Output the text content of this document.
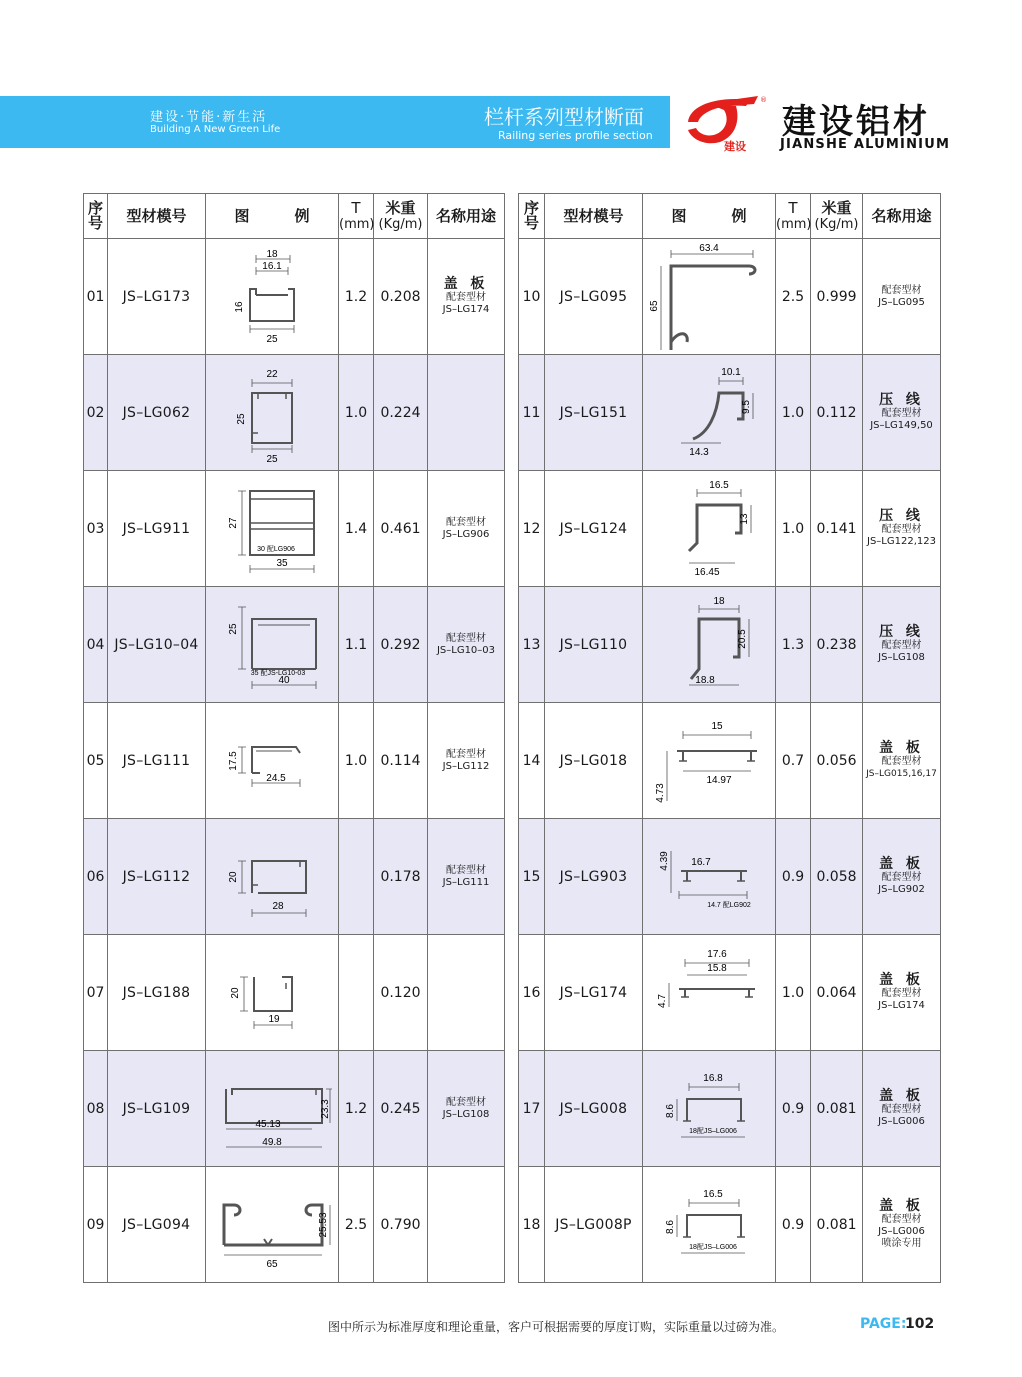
建设·节能·新生活
Building A New Green Life
栏杆系列型材断面
Railing series profile section
建设
®
建设铝材
JIANSHE ALUMINIUM
序
号	型材模号	图    例	T
(mm)	米重
(Kg/m)	名称用途
01	JS–LG173	18
16.1
16
25	1.2	0.208	盖 板
配套型材
JS–LG174

02	JS–LG062	22
25
25	1.0	0.224	
03	JS–LG911	27
30 配LG906
35	1.4	0.461	配套型材
JS–LG906

04	JS–LG10–04	25
35 配JS-LG10-03
40	1.1	0.292	配套型材
JS–LG10–03

05	JS–LG111	17.5
24.5	1.0	0.114	配套型材
JS–LG112

06	JS–LG112	20
28		0.178	配套型材
JS–LG111

07	JS–LG188	20
19		0.120	
08	JS–LG109	23.3
45.13
49.8	1.2	0.245	配套型材
JS–LG108

09	JS–LG094	25.53
65	2.5	0.790	
序
号	型材模号	图    例	T
(mm)	米重
(Kg/m)	名称用途
10	JS–LG095	63.4
65	2.5	0.999	配套型材
JS–LG095

11	JS–LG151	10.1
9.5
14.3	1.0	0.112	压 线
配套型材
JS–LG149,50

12	JS–LG124	16.5
13
16.45	1.0	0.141	压 线
配套型材
JS–LG122,123

13	JS–LG110	18
20.5
18.8	1.3	0.238	压 线
配套型材
JS–LG108

14	JS–LG018	15
14.97
4.73	0.7	0.056	盖 板
配套型材
JS–LG015,16,17

15	JS–LG903	4.39 16.7
14.7 配LG902	0.9	0.058	盖 板
配套型材
JS–LG902

16	JS–LG174	17.6
15.8
4.7	1.0	0.064	盖 板
配套型材
JS–LG174

17	JS–LG008	16.8
8.6
18配JS–LG006	0.9	0.081	盖 板
配套型材
JS–LG006

18	JS–LG008P	16.5
8.6
18配JS–LG006	0.9	0.081	盖 板
配套型材
JS–LG006
喷涂专用
图中所示为标准厚度和理论重量，客户可根据需要的厚度订购，实际重量以过磅为准。	PAGE:
102
